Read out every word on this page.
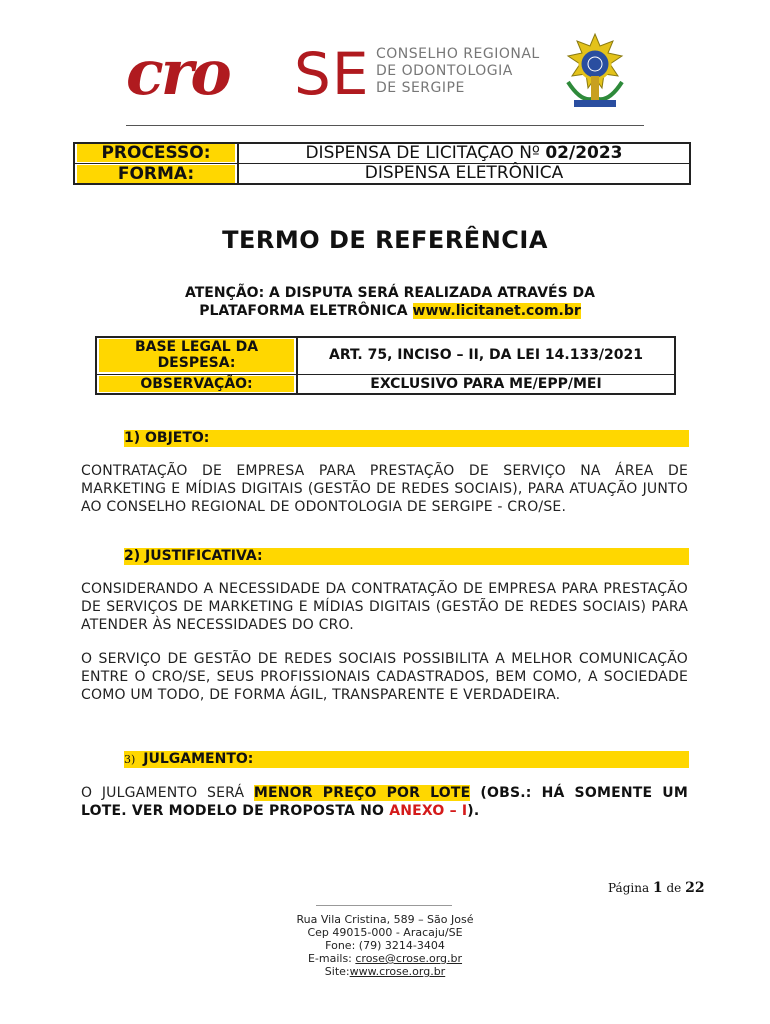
cro SE CONSELHO REGIONAL
DE ODONTOLOGIA
DE SERGIPE
PROCESSO:
FORMA:
DISPENSA DE LICITAÇÃO Nº 02/2023
DISPENSA ELETRÔNICA
TERMO DE REFERÊNCIA
ATENÇÃO: A DISPUTA SERÁ REALIZADA ATRAVÉS DA
PLATAFORMA ELETRÔNICA www.licitanet.com.br
BASE LEGAL DA DESPESA:
OBSERVAÇÃO:
ART. 75, INCISO – II, DA LEI 14.133/2021
EXCLUSIVO PARA ME/EPP/MEI
1) OBJETO:
CONTRATAÇÃO DE EMPRESA PARA PRESTAÇÃO DE SERVIÇO NA ÁREA DE MARKETING E MÍDIAS DIGITAIS (GESTÃO DE REDES SOCIAIS), PARA ATUAÇÃO JUNTO AO CONSELHO REGIONAL DE ODONTOLOGIA DE SERGIPE - CRO/SE.
2) JUSTIFICATIVA:
CONSIDERANDO A NECESSIDADE DA CONTRATAÇÃO DE EMPRESA PARA PRESTAÇÃO DE SERVIÇOS DE MARKETING E MÍDIAS DIGITAIS (GESTÃO DE REDES SOCIAIS) PARA ATENDER ÀS NECESSIDADES DO CRO.
O SERVIÇO DE GESTÃO DE REDES SOCIAIS POSSIBILITA A MELHOR COMUNICAÇÃO ENTRE O CRO/SE, SEUS PROFISSIONAIS CADASTRADOS, BEM COMO, A SOCIEDADE COMO UM TODO, DE FORMA ÁGIL, TRANSPARENTE E VERDADEIRA.
3) JULGAMENTO:
O JULGAMENTO SERÁ MENOR PREÇO POR LOTE (OBS.: HÁ SOMENTE UM LOTE. VER MODELO DE PROPOSTA NO ANEXO – I).
Página 1 de 22
Rua Vila Cristina, 589 – São José
Cep 49015-000 - Aracaju/SE
Fone: (79) 3214-3404
E-mails: crose@crose.org.br
Site:www.crose.org.br
